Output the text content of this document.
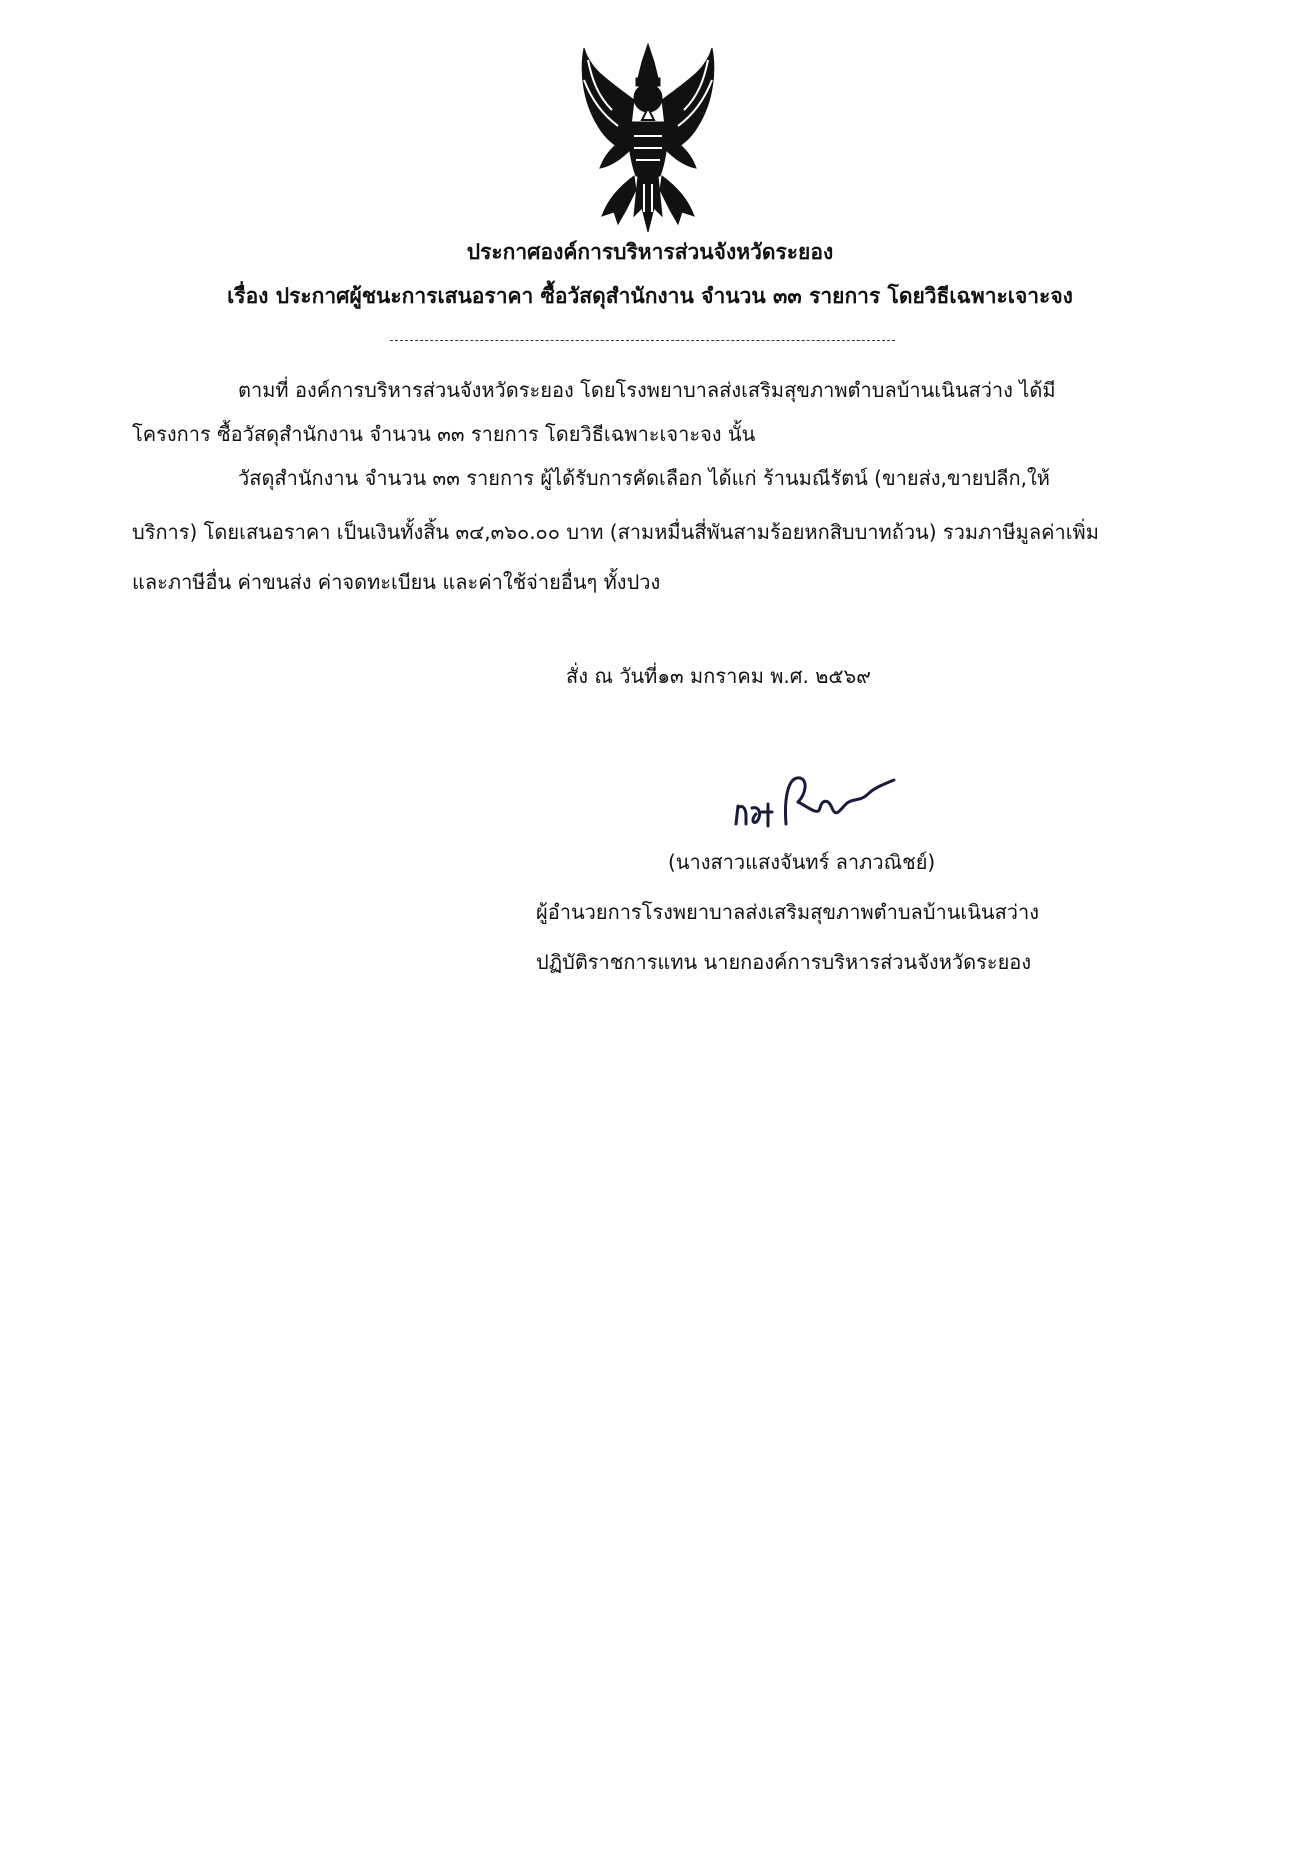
ประกาศองค์การบริหารส่วนจังหวัดระยอง
เรื่อง ประกาศผู้ชนะการเสนอราคา ซื้อวัสดุสำนักงาน จำนวน ๓๓ รายการ โดยวิธีเฉพาะเจาะจง
ตามที่ องค์การบริหารส่วนจังหวัดระยอง โดยโรงพยาบาลส่งเสริมสุขภาพตำบลบ้านเนินสว่าง ได้มี
โครงการ ซื้อวัสดุสำนักงาน จำนวน ๓๓ รายการ โดยวิธีเฉพาะเจาะจง นั้น
วัสดุสำนักงาน จำนวน ๓๓ รายการ ผู้ได้รับการคัดเลือก ได้แก่ ร้านมณีรัตน์ (ขายส่ง,ขายปลีก,ให้
บริการ) โดยเสนอราคา เป็นเงินทั้งสิ้น ๓๔,๓๖๐.๐๐ บาท (สามหมื่นสี่พันสามร้อยหกสิบบาทถ้วน) รวมภาษีมูลค่าเพิ่ม
และภาษีอื่น ค่าขนส่ง ค่าจดทะเบียน และค่าใช้จ่ายอื่นๆ ทั้งปวง
สั่ง ณ วันที่๑๓ มกราคม พ.ศ. ๒๕๖๙
(นางสาวแสงจันทร์ ลาภวณิชย์)
ผู้อำนวยการโรงพยาบาลส่งเสริมสุขภาพตำบลบ้านเนินสว่าง
ปฏิบัติราชการแทน นายกองค์การบริหารส่วนจังหวัดระยอง
